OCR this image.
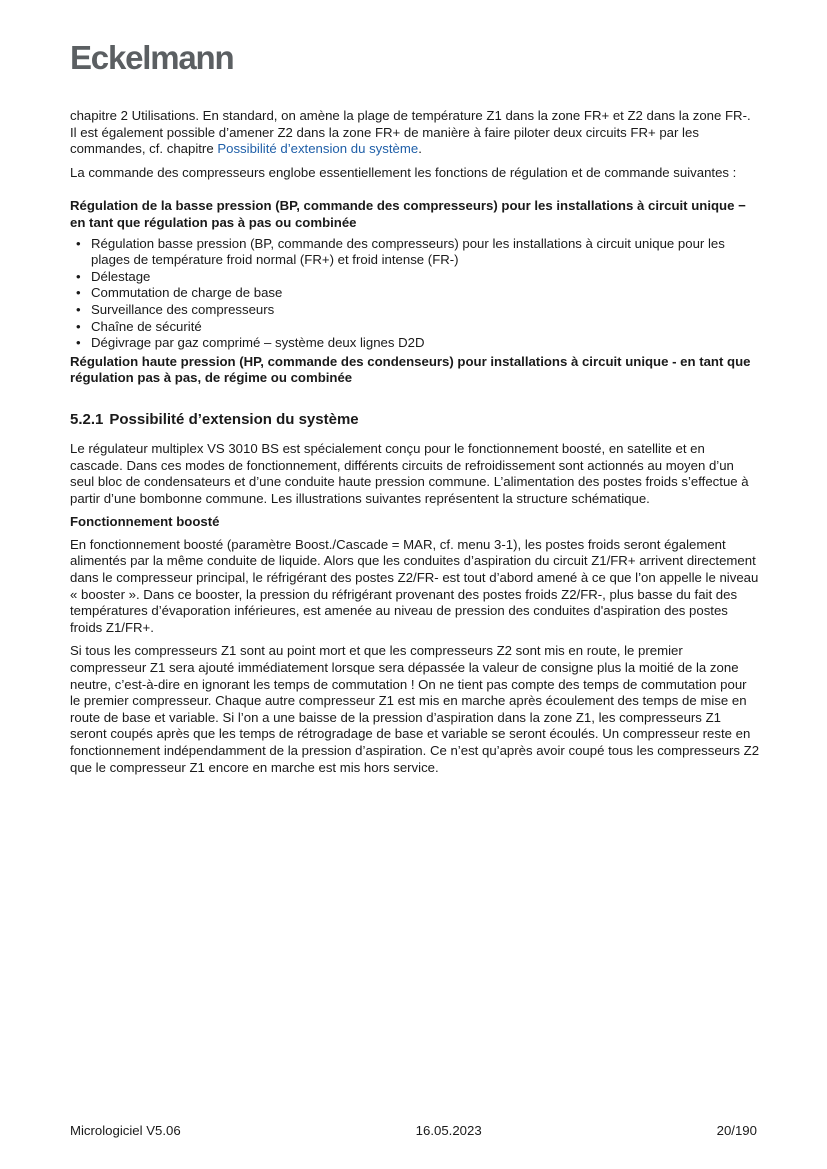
Eckelmann

chapitre 2 Utilisations. En standard, on amène la plage de température Z1 dans la zone FR+ et Z2 dans la zone FR-. Il est également possible d’amener Z2 dans la zone FR+ de manière à faire piloter deux circuits FR+ par les commandes, cf. chapitre Possibilité d’extension du système.

La commande des compresseurs englobe essentiellement les fonctions de régulation et de commande suivantes :

Régulation de la basse pression (BP, commande des compresseurs) pour les installations à circuit unique − en tant que régulation pas à pas ou combinée

• Régulation basse pression (BP, commande des compresseurs) pour les installations à circuit unique pour les plages de température froid normal (FR+) et froid intense (FR-)
• Délestage
• Commutation de charge de base
• Surveillance des compresseurs
• Chaîne de sécurité
• Dégivrage par gaz comprimé – système deux lignes D2D

Régulation haute pression (HP, commande des condenseurs) pour installations à circuit unique - en tant que régulation pas à pas, de régime ou combinée

5.2.1 Possibilité d’extension du système

Le régulateur multiplex VS 3010 BS est spécialement conçu pour le fonctionnement boosté, en satellite et en cascade. Dans ces modes de fonctionnement, différents circuits de refroidissement sont actionnés au moyen d’un seul bloc de condensateurs et d’une conduite haute pression commune. L’alimentation des postes froids s’effectue à partir d’une bombonne commune. Les illustrations suivantes représentent la structure schématique.

Fonctionnement boosté

En fonctionnement boosté (paramètre Boost./Cascade = MAR, cf. menu 3-1), les postes froids seront également alimentés par la même conduite de liquide. Alors que les conduites d’aspiration du circuit Z1/FR+ arrivent directement dans le compresseur principal, le réfrigérant des postes Z2/FR- est tout d’abord amené à ce que l’on appelle le niveau « booster ». Dans ce booster, la pression du réfrigérant provenant des postes froids Z2/FR-, plus basse du fait des températures d’évaporation inférieures, est amenée au niveau de pression des conduites d'aspiration des postes froids Z1/FR+.

Si tous les compresseurs Z1 sont au point mort et que les compresseurs Z2 sont mis en route, le premier compresseur Z1 sera ajouté immédiatement lorsque sera dépassée la valeur de consigne plus la moitié de la zone neutre, c’est-à-dire en ignorant les temps de commutation ! On ne tient pas compte des temps de commutation pour le premier compresseur. Chaque autre compresseur Z1 est mis en marche après écoulement des temps de mise en route de base et variable. Si l’on a une baisse de la pression d’aspiration dans la zone Z1, les compresseurs Z1 seront coupés après que les temps de rétrogradage de base et variable se seront écoulés. Un compresseur reste en fonctionnement indépendamment de la pression d’aspiration. Ce n’est qu’après avoir coupé tous les compresseurs Z2 que le compresseur Z1 encore en marche est mis hors service.

Micrologiciel V5.06	16.05.2023	20/190
